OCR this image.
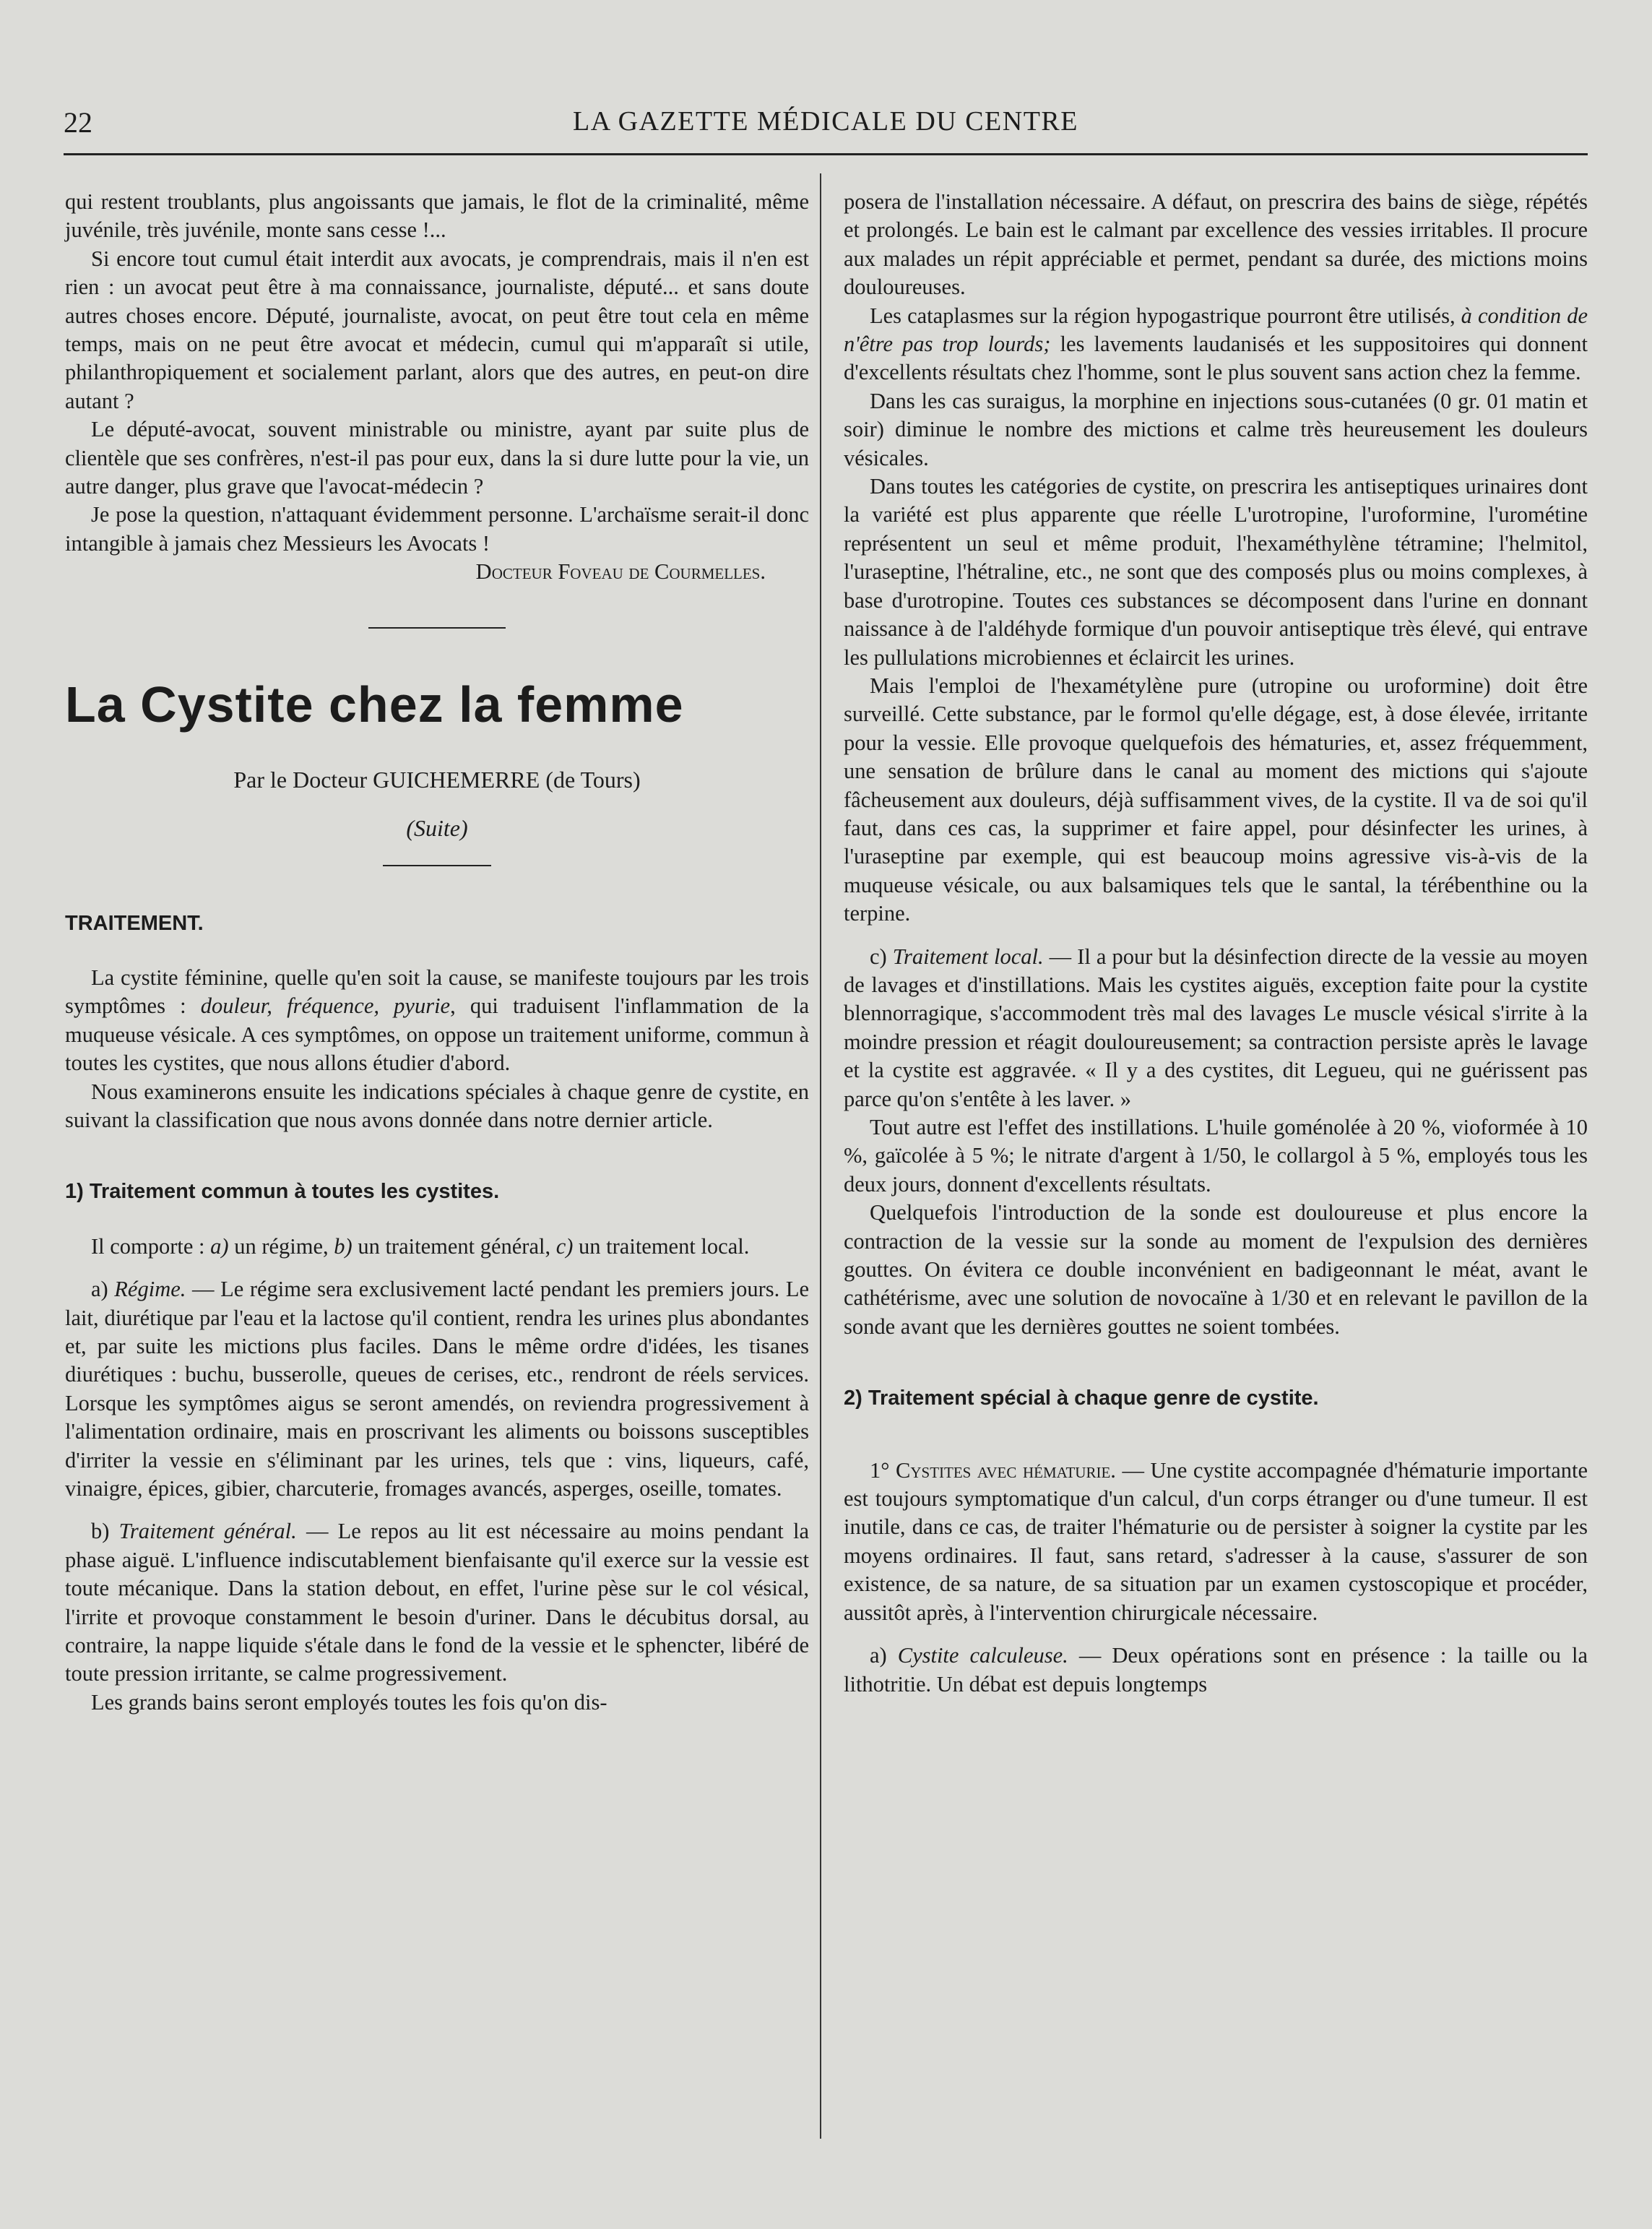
22	LA GAZETTE MÉDICALE DU CENTRE

qui restent troublants, plus angoissants que jamais, le flot de la criminalité, même juvénile, très juvénile, monte sans cesse !...

Si encore tout cumul était interdit aux avocats, je comprendrais, mais il n'en est rien : un avocat peut être à ma connaissance, journaliste, député... et sans doute autres choses encore. Député, journaliste, avocat, on peut être tout cela en même temps, mais on ne peut être avocat et médecin, cumul qui m'apparaît si utile, philanthropiquement et socialement parlant, alors que des autres, en peut-on dire autant ?

Le député-avocat, souvent ministrable ou ministre, ayant par suite plus de clientèle que ses confrères, n'est-il pas pour eux, dans la si dure lutte pour la vie, un autre danger, plus grave que l'avocat-médecin ?

Je pose la question, n'attaquant évidemment personne. L'archaïsme serait-il donc intangible à jamais chez Messieurs les Avocats !

Docteur Foveau de Courmelles.

La Cystite chez la femme

Par le Docteur GUICHEMERRE (de Tours)

(Suite)

TRAITEMENT.

La cystite féminine, quelle qu'en soit la cause, se manifeste toujours par les trois symptômes : douleur, fréquence, pyurie, qui traduisent l'inflammation de la muqueuse vésicale. A ces symptômes, on oppose un traitement uniforme, commun à toutes les cystites, que nous allons étudier d'abord.

Nous examinerons ensuite les indications spéciales à chaque genre de cystite, en suivant la classification que nous avons donnée dans notre dernier article.

1) Traitement commun à toutes les cystites.

Il comporte : a) un régime, b) un traitement général, c) un traitement local.

a) Régime. — Le régime sera exclusivement lacté pendant les premiers jours. Le lait, diurétique par l'eau et la lactose qu'il contient, rendra les urines plus abondantes et, par suite les mictions plus faciles. Dans le même ordre d'idées, les tisanes diurétiques : buchu, busserolle, queues de cerises, etc., rendront de réels services. Lorsque les symptômes aigus se seront amendés, on reviendra progressivement à l'alimentation ordinaire, mais en proscrivant les aliments ou boissons susceptibles d'irriter la vessie en s'éliminant par les urines, tels que : vins, liqueurs, café, vinaigre, épices, gibier, charcuterie, fromages avancés, asperges, oseille, tomates.

b) Traitement général. — Le repos au lit est nécessaire au moins pendant la phase aiguë. L'influence indiscutablement bienfaisante qu'il exerce sur la vessie est toute mécanique. Dans la station debout, en effet, l'urine pèse sur le col vésical, l'irrite et provoque constamment le besoin d'uriner. Dans le décubitus dorsal, au contraire, la nappe liquide s'étale dans le fond de la vessie et le sphencter, libéré de toute pression irritante, se calme progressivement.

Les grands bains seront employés toutes les fois qu'on dis-

posera de l'installation nécessaire. A défaut, on prescrira des bains de siège, répétés et prolongés. Le bain est le calmant par excellence des vessies irritables. Il procure aux malades un répit appréciable et permet, pendant sa durée, des mictions moins douloureuses.

Les cataplasmes sur la région hypogastrique pourront être utilisés, à condition de n'être pas trop lourds; les lavements laudanisés et les suppositoires qui donnent d'excellents résultats chez l'homme, sont le plus souvent sans action chez la femme.

Dans les cas suraigus, la morphine en injections sous-cutanées (0 gr. 01 matin et soir) diminue le nombre des mictions et calme très heureusement les douleurs vésicales.

Dans toutes les catégories de cystite, on prescrira les antiseptiques urinaires dont la variété est plus apparente que réelle L'urotropine, l'uroformine, l'urométine représentent un seul et même produit, l'hexaméthylène tétramine; l'helmitol, l'uraseptine, l'hétraline, etc., ne sont que des composés plus ou moins complexes, à base d'urotropine. Toutes ces substances se décomposent dans l'urine en donnant naissance à de l'aldéhyde formique d'un pouvoir antiseptique très élevé, qui entrave les pullulations microbiennes et éclaircit les urines.

Mais l'emploi de l'hexamétylène pure (utropine ou uroformine) doit être surveillé. Cette substance, par le formol qu'elle dégage, est, à dose élevée, irritante pour la vessie. Elle provoque quelquefois des hématuries, et, assez fréquemment, une sensation de brûlure dans le canal au moment des mictions qui s'ajoute fâcheusement aux douleurs, déjà suffisamment vives, de la cystite. Il va de soi qu'il faut, dans ces cas, la supprimer et faire appel, pour désinfecter les urines, à l'uraseptine par exemple, qui est beaucoup moins agressive vis-à-vis de la muqueuse vésicale, ou aux balsamiques tels que le santal, la térébenthine ou la terpine.

c) Traitement local. — Il a pour but la désinfection directe de la vessie au moyen de lavages et d'instillations. Mais les cystites aiguës, exception faite pour la cystite blennorragique, s'accommodent très mal des lavages Le muscle vésical s'irrite à la moindre pression et réagit douloureusement; sa contraction persiste après le lavage et la cystite est aggravée. « Il y a des cystites, dit Legueu, qui ne guérissent pas parce qu'on s'entête à les laver. »

Tout autre est l'effet des instillations. L'huile goménolée à 20 %, vioformée à 10 %, gaïcolée à 5 %; le nitrate d'argent à 1/50, le collargol à 5 %, employés tous les deux jours, donnent d'excellents résultats.

Quelquefois l'introduction de la sonde est douloureuse et plus encore la contraction de la vessie sur la sonde au moment de l'expulsion des dernières gouttes. On évitera ce double inconvénient en badigeonnant le méat, avant le cathétérisme, avec une solution de novocaïne à 1/30 et en relevant le pavillon de la sonde avant que les dernières gouttes ne soient tombées.

2) Traitement spécial à chaque genre de cystite.

1° Cystites avec hématurie. — Une cystite accompagnée d'hématurie importante est toujours symptomatique d'un calcul, d'un corps étranger ou d'une tumeur. Il est inutile, dans ce cas, de traiter l'hématurie ou de persister à soigner la cystite par les moyens ordinaires. Il faut, sans retard, s'adresser à la cause, s'assurer de son existence, de sa nature, de sa situation par un examen cystoscopique et procéder, aussitôt après, à l'intervention chirurgicale nécessaire.

a) Cystite calculeuse. — Deux opérations sont en présence : la taille ou la lithotritie. Un débat est depuis longtemps
